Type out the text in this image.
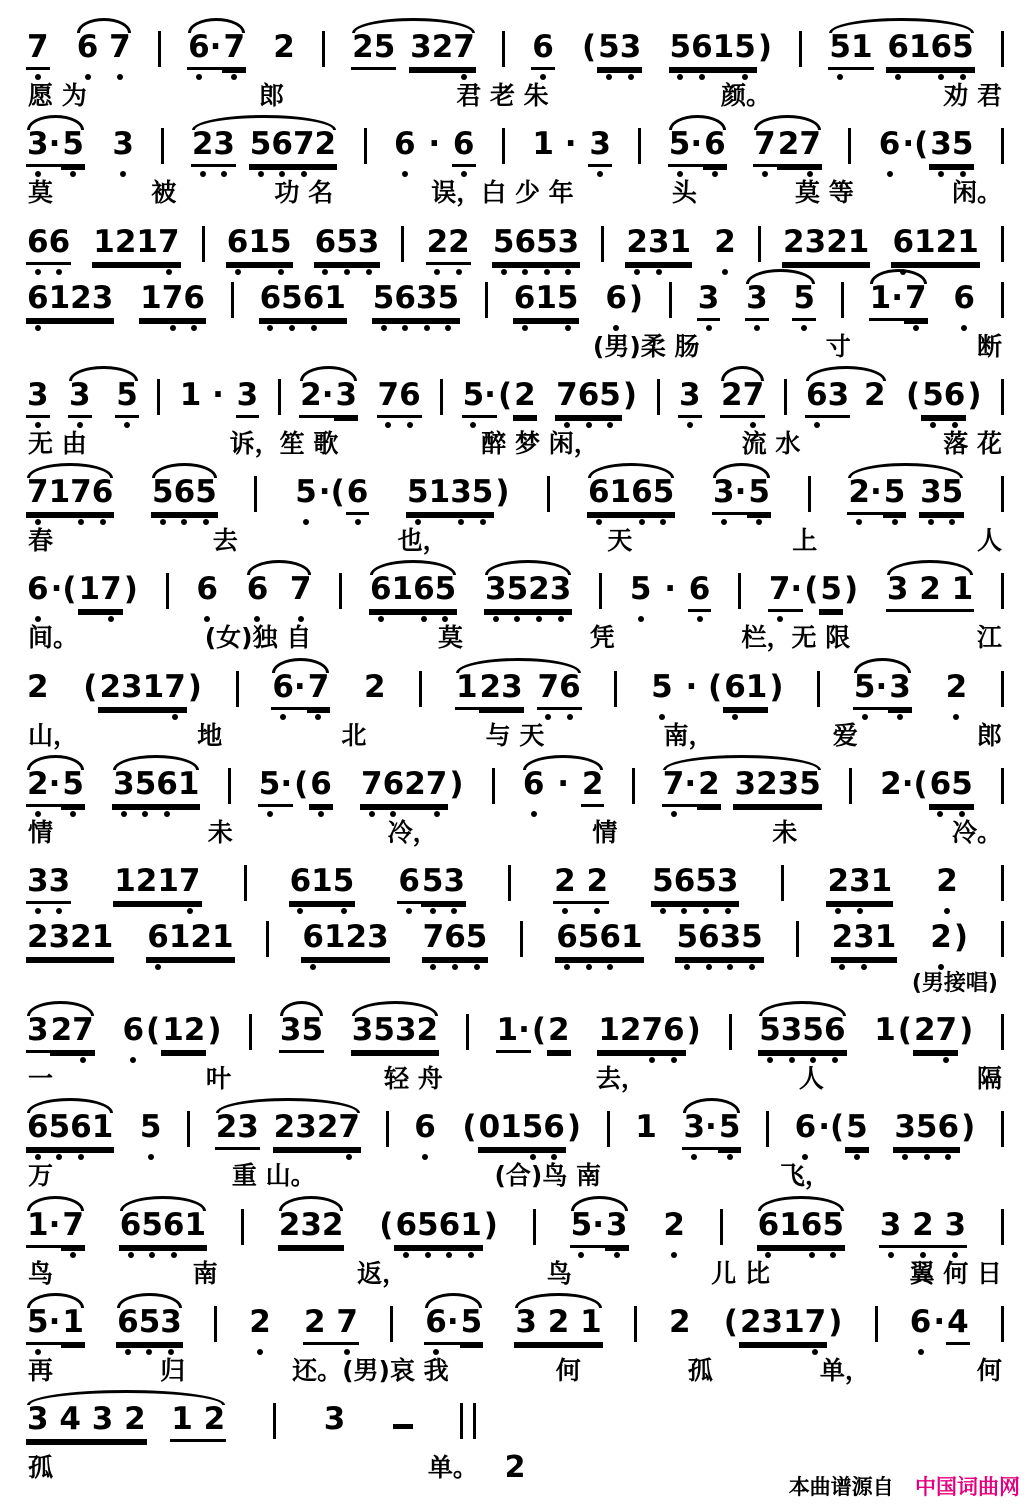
7 6 7 6· 7 2 25
327 6 ( 53 5615 ) 51
6165
愿 为	郎	君 老 朱	颜。	劝 君
3· 5 3 23
5672 6 · 6 1 · 3 5· 6 7 27 6 ·( 35
莫	被	功 名	误，白 少 年	头	莫 等	闲。
66 1217 615 653 22 5653 231 2 2321 6121
6123 176 6561 5635 615 6 ) 3 3
5 1· 7 6
(男)柔 肠	寸	断
3 3
5 1 · 3 2· 3 76 5· ( 2 765 ) 3 27 63
2 ( 56 )
无 由	诉，笙 歌	醉 梦 闲，	流 水	落 花
7176 565	5 ·( 6 5135 )	6165 3· 5	2· 5
35
春	去	也，	天	上	人
6 ·( 17 ) 6 6 7 6165 3523 5 · 6 7· ( 5 ) 3 2 1
间。	(女)独 自	莫	凭	栏，无 限	江
2 ( 2317 ) 6· 7 2 1 23
76 5 · ( 61 ) 5· 3 2
山，	地	北	与 天	南，	爱	郎
2· 5 3561 5· ( 6 7627 ) 6 · 2 7· 2
3235 2·( 65
情	未	冷，	情	未	冷。
33 1217	615 6 53	2 2 5653	231 2
2321 6121 6123 765 6561 5635 231 2 )
(男接唱)
3 27 6 ( 12 ) 35 3532 1· ( 2 1276 ) 5356 1 ( 27 )
一	叶	轻 舟	去，	人	隔
6561 5 23
2327 6 ( 0156 ) 1 3· 5 6 ·( 5 356 )
万	重 山。	(合)鸟 南	飞，
1· 7 6561 232 ( 6561 ) 5· 3 2 6165 3 2 3
鸟	南	返，	鸟	儿 比	翼 何 日
5· 1 653 2 2 7 6· 5 3 2 1 2 ( 2317 ) 6 · 4
再	归	还。(男)哀 我	何	孤	单，	何
3 4 3 2
1 2	3
孤	单。 2
本曲谱源自 中国词曲网
